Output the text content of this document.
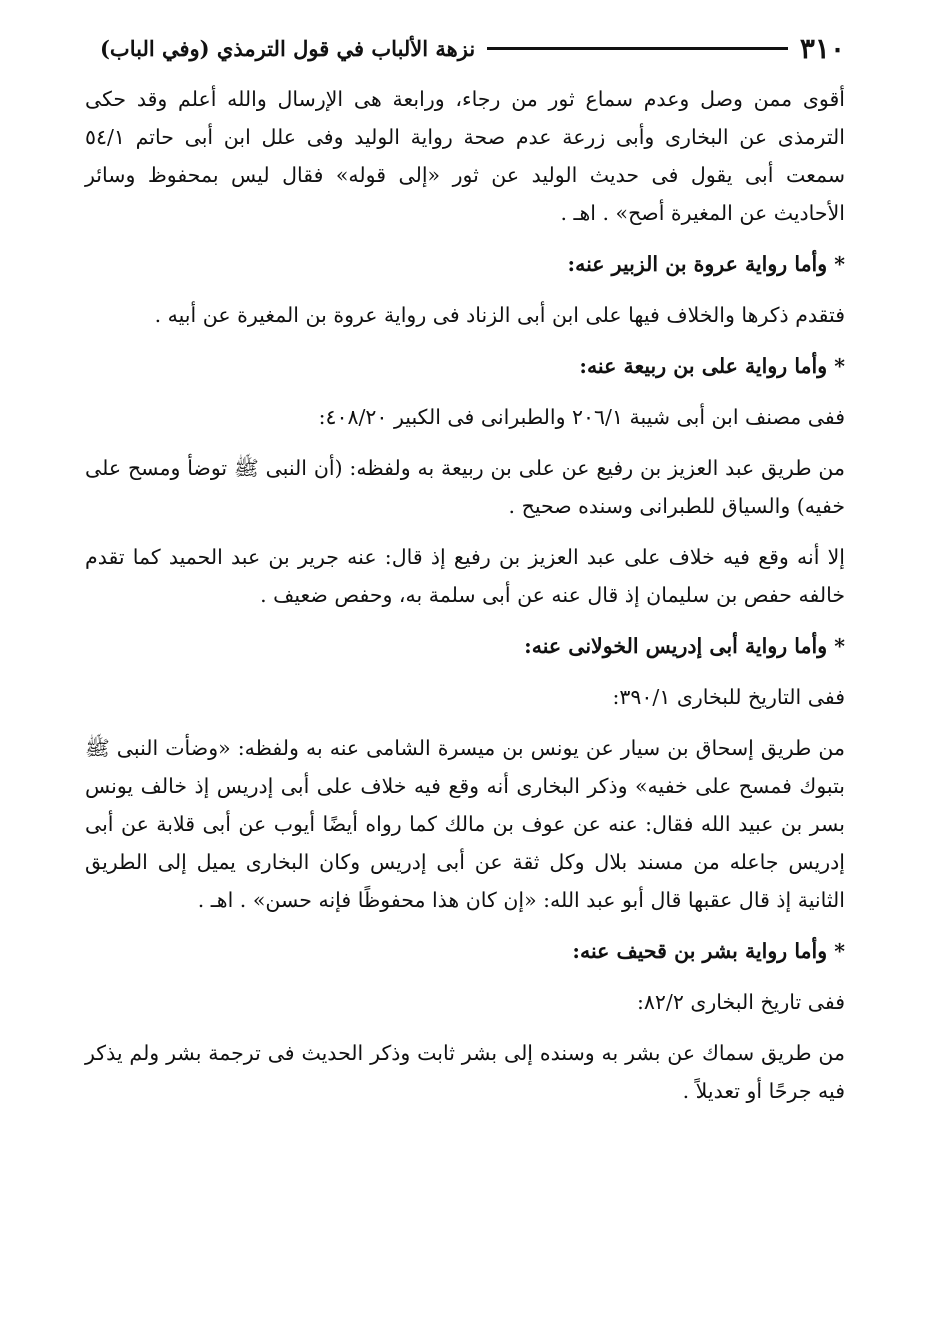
٣١٠
نزهة الألباب في قول الترمذي (وفي الباب)
أقوى ممن وصل وعدم سماع ثور من رجاء، ورابعة هى الإرسال والله أعلم وقد حكى الترمذى عن البخارى وأبى زرعة عدم صحة رواية الوليد وفى علل ابن أبى حاتم ٥٤/١ سمعت أبى يقول فى حديث الوليد عن ثور «إلى قوله» فقال ليس بمحفوظ وسائر الأحاديث عن المغيرة أصح» . اهـ .
* وأما رواية عروة بن الزبير عنه:
فتقدم ذكرها والخلاف فيها على ابن أبى الزناد فى رواية عروة بن المغيرة عن أبيه .
* وأما رواية على بن ربيعة عنه:
ففى مصنف ابن أبى شيبة ٢٠٦/١ والطبرانى فى الكبير ٤٠٨/٢٠:
من طريق عبد العزيز بن رفيع عن على بن ربيعة به ولفظه: (أن النبى ﷺ توضأ ومسح على خفيه) والسياق للطبرانى وسنده صحيح .
إلا أنه وقع فيه خلاف على عبد العزيز بن رفيع إذ قال: عنه جرير بن عبد الحميد كما تقدم خالفه حفص بن سليمان إذ قال عنه عن أبى سلمة به، وحفص ضعيف .
* وأما رواية أبى إدريس الخولانى عنه:
ففى التاريخ للبخارى ٣٩٠/١:
من طريق إسحاق بن سيار عن يونس بن ميسرة الشامى عنه به ولفظه: «وضأت النبى ﷺ بتبوك فمسح على خفيه» وذكر البخارى أنه وقع فيه خلاف على أبى إدريس إذ خالف يونس بسر بن عبيد الله فقال: عنه عن عوف بن مالك كما رواه أيضًا أيوب عن أبى قلابة عن أبى إدريس جاعله من مسند بلال وكل ثقة عن أبى إدريس وكان البخارى يميل إلى الطريق الثانية إذ قال عقبها قال أبو عبد الله: «إن كان هذا محفوظًا فإنه حسن» . اهـ .
* وأما رواية بشر بن قحيف عنه:
ففى تاريخ البخارى ٨٢/٢:
من طريق سماك عن بشر به وسنده إلى بشر ثابت وذكر الحديث فى ترجمة بشر ولم يذكر فيه جرحًا أو تعديلاً .
